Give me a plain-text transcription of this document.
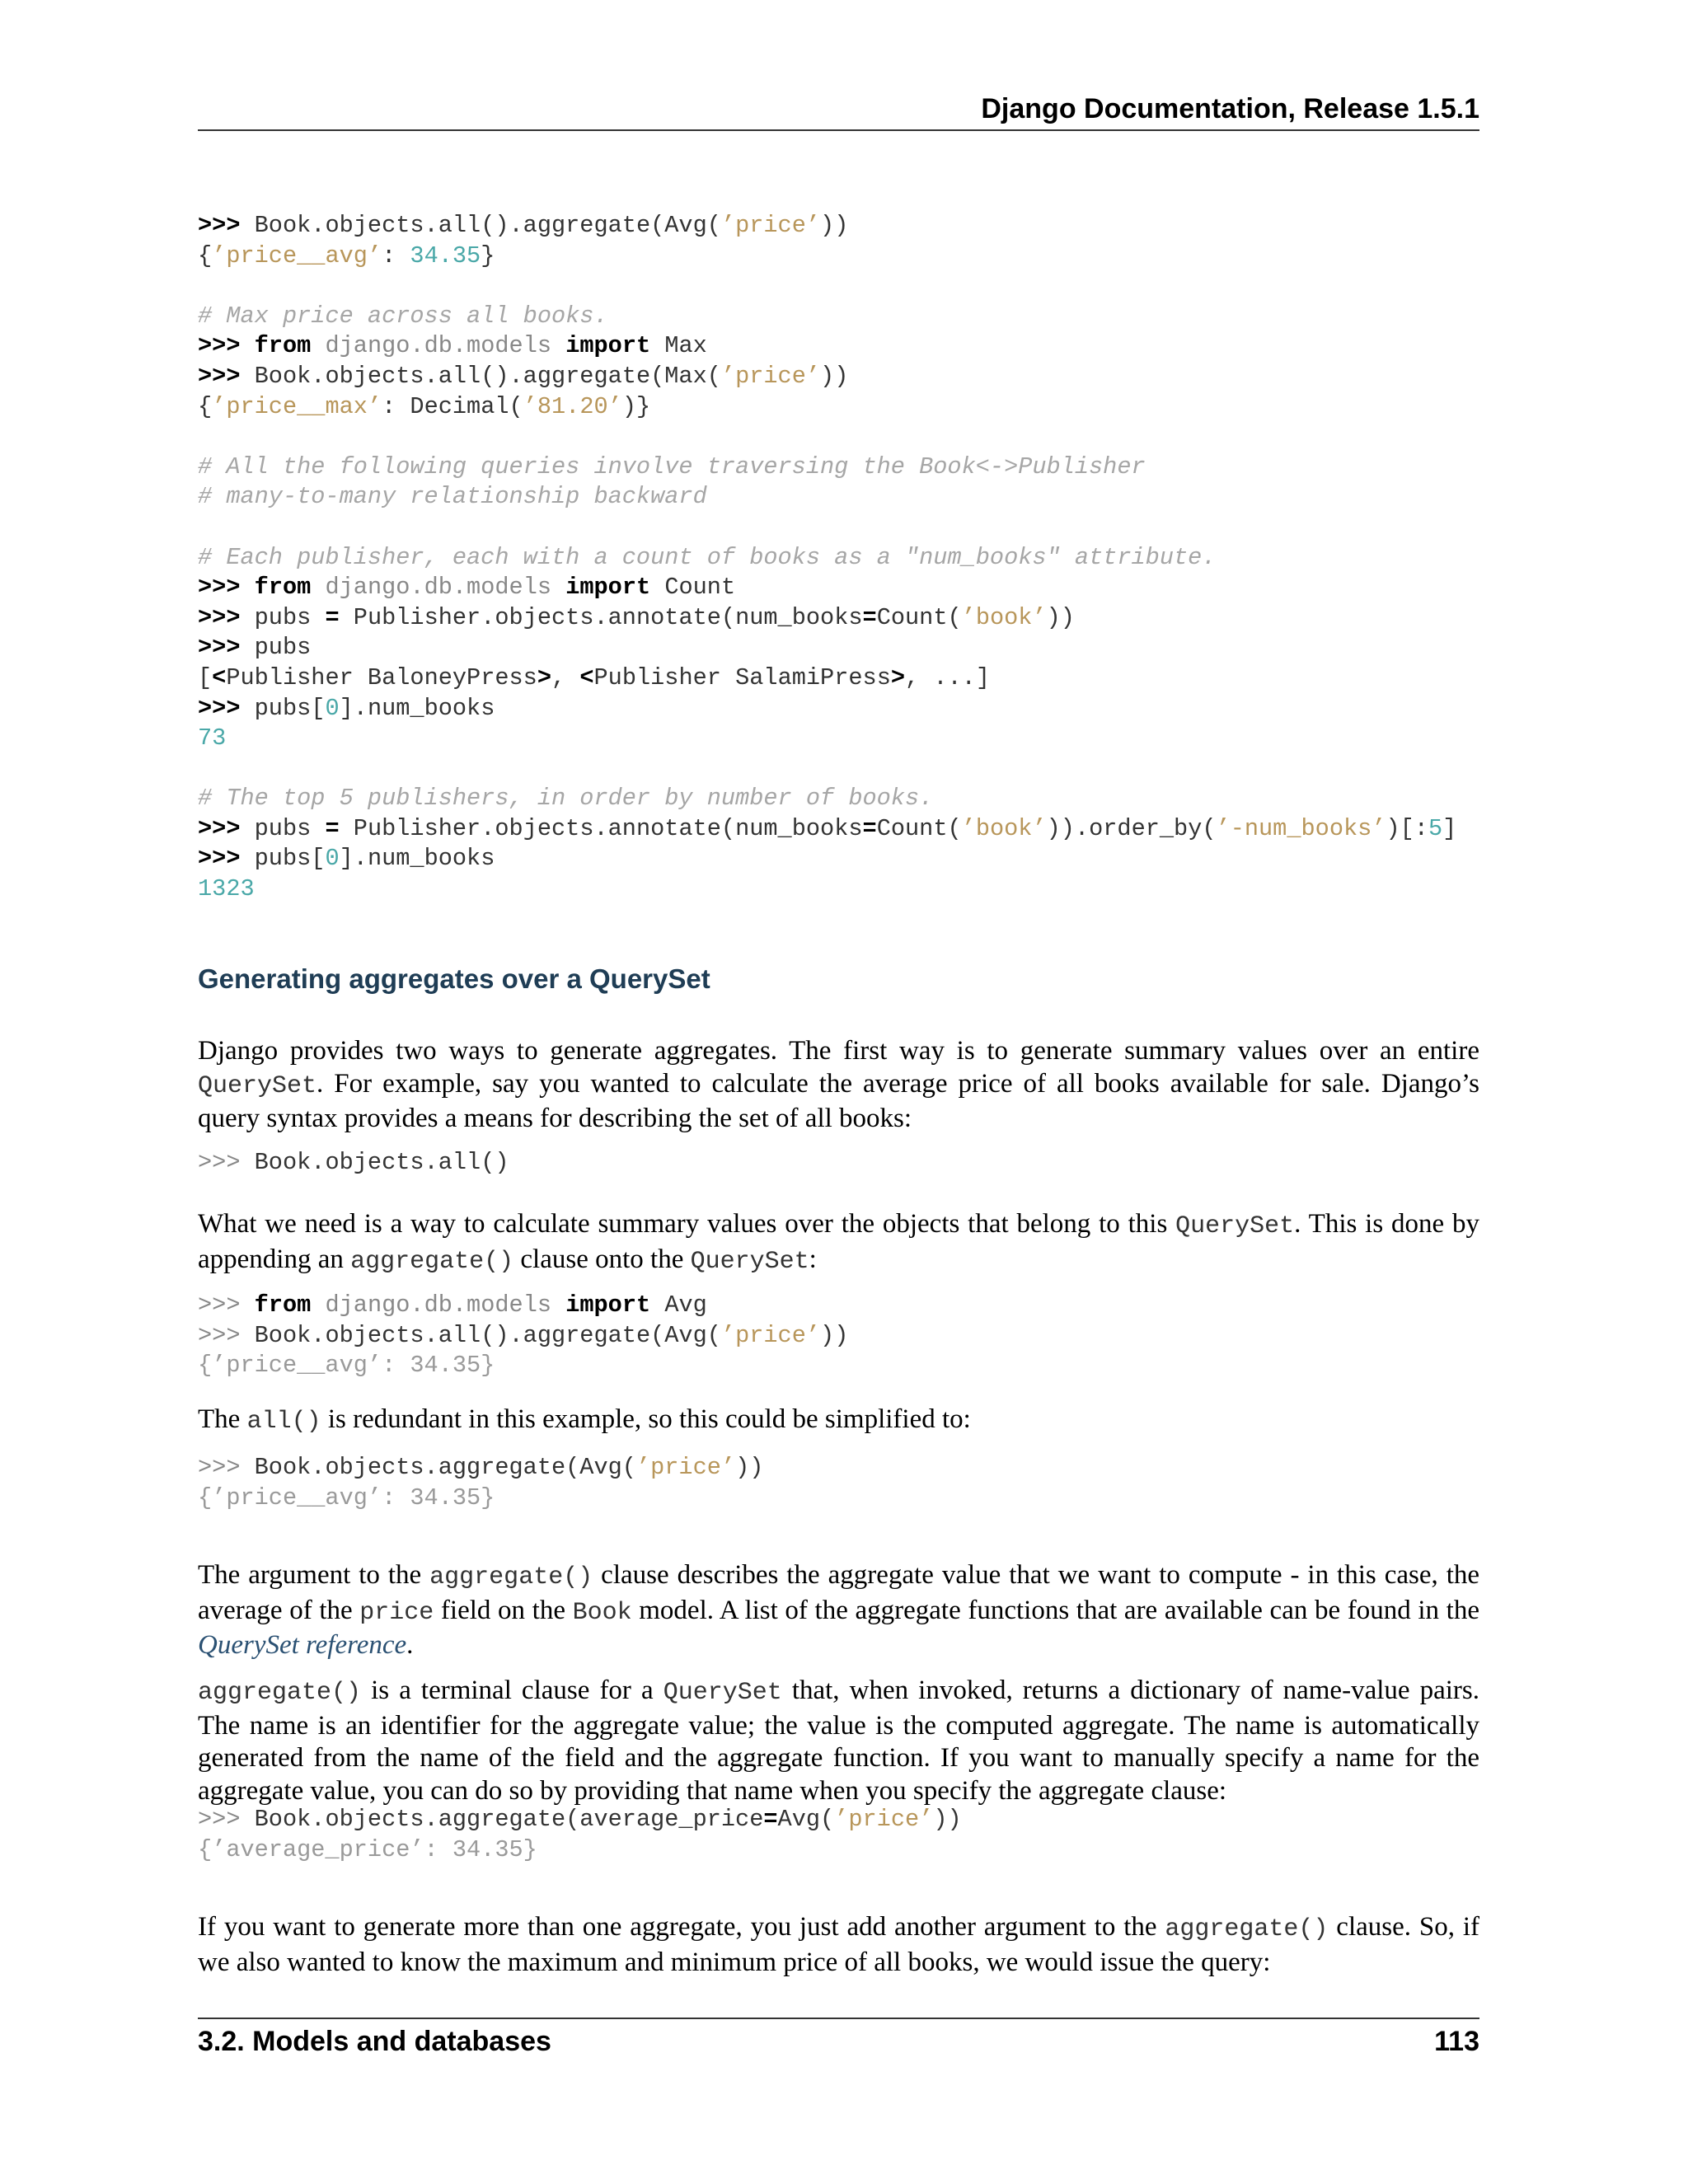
Django Documentation, Release 1.5.1
>>> Book.objects.all().aggregate(Avg(’price’))
{’price__avg’: 34.35}
# Max price across all books.
>>> from django.db.models import Max
>>> Book.objects.all().aggregate(Max(’price’))
{’price__max’: Decimal(’81.20’)}
# All the following queries involve traversing the Book<->Publisher
# many-to-many relationship backward
# Each publisher, each with a count of books as a "num_books" attribute.
>>> from django.db.models import Count
>>> pubs = Publisher.objects.annotate(num_books=Count(’book’))
>>> pubs
[<Publisher BaloneyPress>, <Publisher SalamiPress>, ...]
>>> pubs[0].num_books
73
# The top 5 publishers, in order by number of books.
>>> pubs = Publisher.objects.annotate(num_books=Count(’book’)).order_by(’-num_books’)[:5]
>>> pubs[0].num_books
1323
Generating aggregates over a QuerySet

Django provides two ways to generate aggregates. The first way is to generate summary values over an entire
QuerySet. For example, say you wanted to calculate the average price of all books available for sale. Django’s
query syntax provides a means for describing the set of all books:

>>> Book.objects.all()

What we need is a way to calculate summary values over the objects that belong to this QuerySet. This is done by
appending an aggregate() clause onto the QuerySet:

>>> from django.db.models import Avg
>>> Book.objects.all().aggregate(Avg(’price’))
{’price__avg’: 34.35}

The all() is redundant in this example, so this could be simplified to:

>>> Book.objects.aggregate(Avg(’price’))
{’price__avg’: 34.35}

The argument to the aggregate() clause describes the aggregate value that we want to compute - in this case, the
average of the price field on the Book model. A list of the aggregate functions that are available can be found in the
QuerySet reference.

aggregate() is a terminal clause for a QuerySet that, when invoked, returns a dictionary of name-value pairs.
The name is an identifier for the aggregate value; the value is the computed aggregate. The name is automatically
generated from the name of the field and the aggregate function. If you want to manually specify a name for the
aggregate value, you can do so by providing that name when you specify the aggregate clause:

>>> Book.objects.aggregate(average_price=Avg(’price’))
{’average_price’: 34.35}

If you want to generate more than one aggregate, you just add another argument to the aggregate() clause. So, if
we also wanted to know the maximum and minimum price of all books, we would issue the query:

3.2. Models and databases	113
